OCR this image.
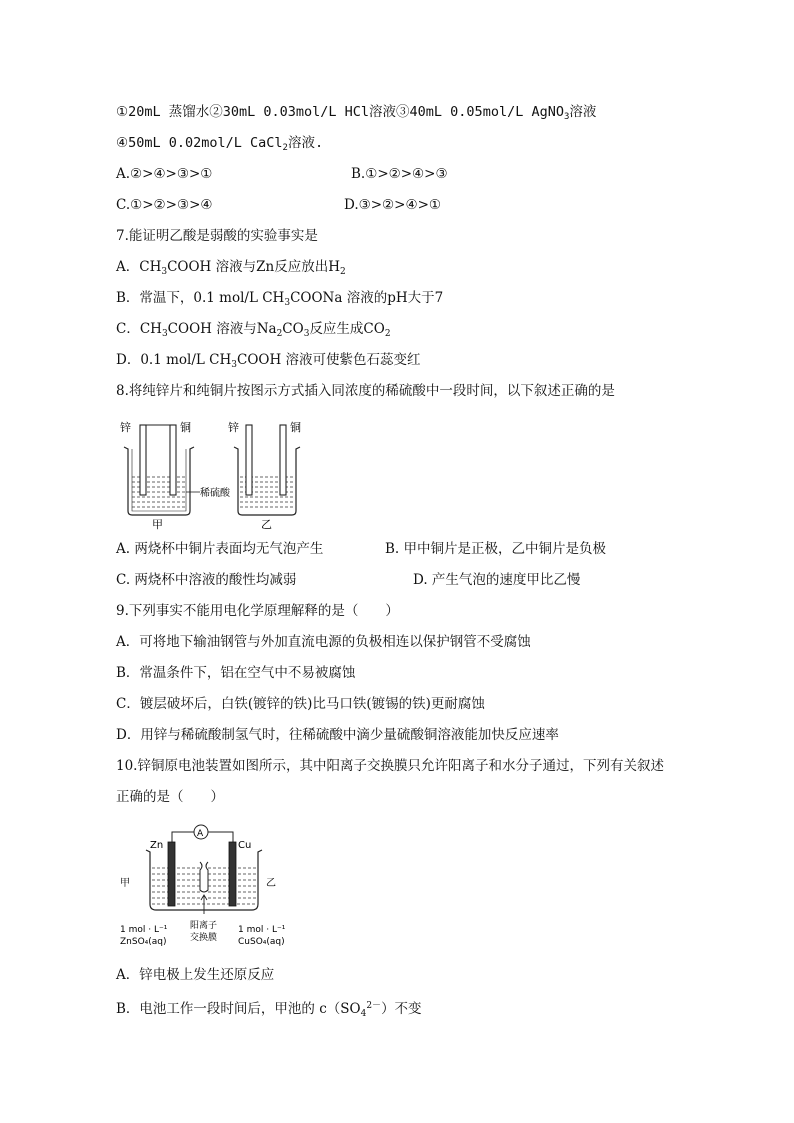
①20mL 蒸馏水②30mL 0.03mol/L HCl溶液③40mL 0.05mol/L AgNO$_3$溶液
④50mL 0.02mol/L CaCl$_2$溶液.
A.②>④>③>①	B.①>②>④>③
C.①>②>③>④	D.③>②>④>①
7.能证明乙酸是弱酸的实验事实是
A．$CH_3COOH$ 溶液与Zn反应放出$H_2$
B．常温下，0.1 mol/L $CH_3COONa$ 溶液的pH大于7
C．$CH_3COOH$ 溶液与$Na_2CO_3$反应生成$CO_2$
D．0.1 mol/L $CH_3COOH$ 溶液可使紫色石蕊变红
8.将纯锌片和纯铜片按图示方式插入同浓度的稀硫酸中一段时间，以下叙述正确的是
锌	铜
甲
锌	铜
乙
稀硫酸
A. 两烧杯中铜片表面均无气泡产生	B. 甲中铜片是正极，乙中铜片是负极
C. 两烧杯中溶液的酸性均减弱	D. 产生气泡的速度甲比乙慢
9.下列事实不能用电化学原理解释的是（　　）
A．可将地下输油钢管与外加直流电源的负极相连以保护钢管不受腐蚀
B．常温条件下，铝在空气中不易被腐蚀
C．镀层破坏后，白铁(镀锌的铁)比马口铁(镀锡的铁)更耐腐蚀
D．用锌与稀硫酸制氢气时，往稀硫酸中滴少量硫酸铜溶液能加快反应速率
10.锌铜原电池装置如图所示，其中阳离子交换膜只允许阳离子和水分子通过，下列有关叙述
正确的是（　　）
A
Zn	Cu
甲	乙
1 mol · L⁻¹
ZnSO₄(aq)
阳离子
交换膜
1 mol · L⁻¹
CuSO₄(aq)
A．锌电极上发生还原反应
B．电池工作一段时间后，甲池的 $c(SO_4^{2-})$不变
